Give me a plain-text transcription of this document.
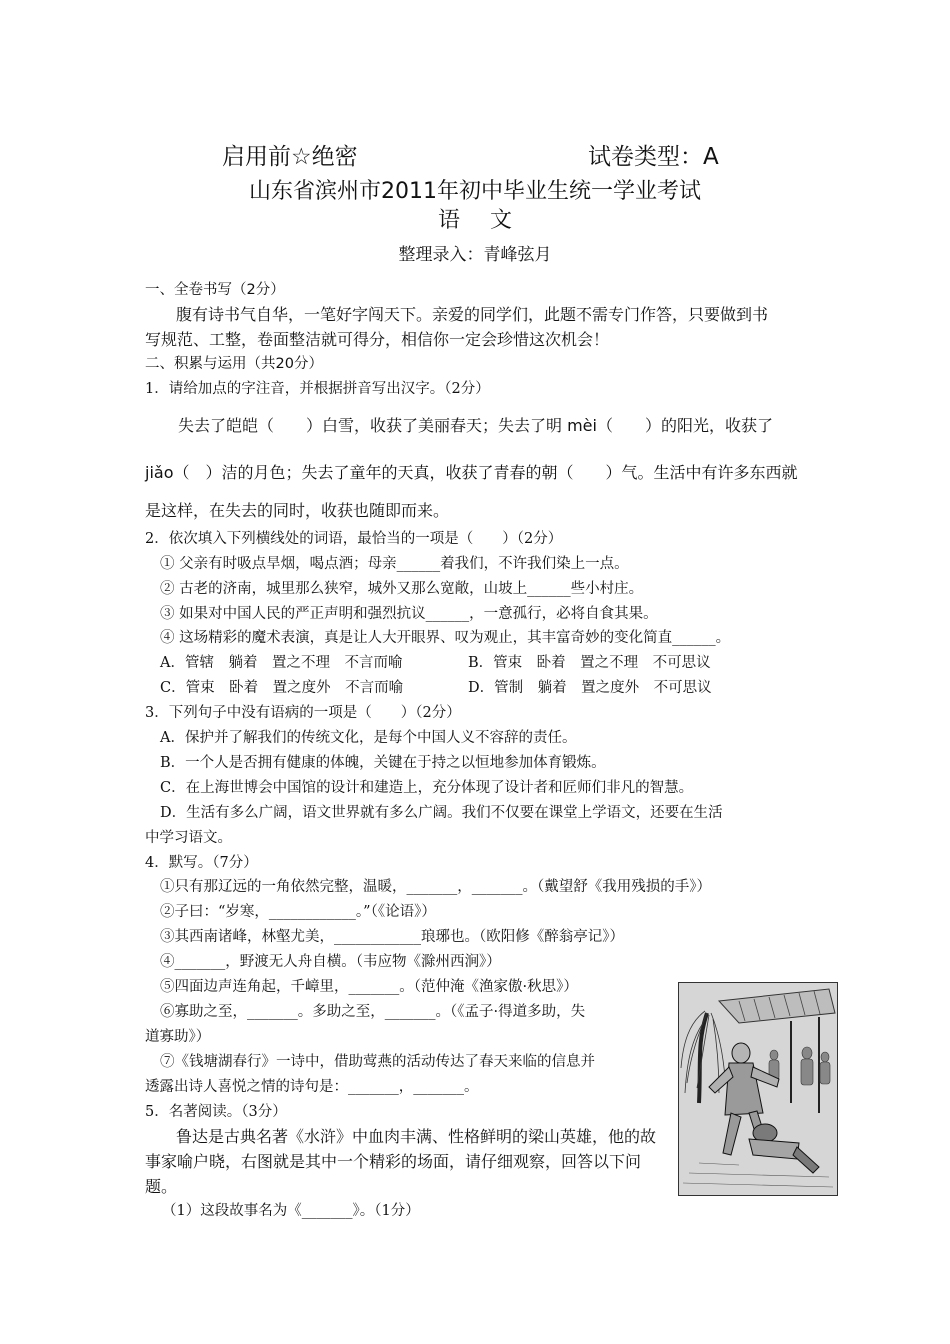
启用前☆绝密	试卷类型：A
山东省滨州市2011年初中毕业生统一学业考试
语文
整理录入：青峰弦月
一、全卷书写（2分）
腹有诗书气自华，一笔好字闯天下。亲爱的同学们，此题不需专门作答，只要做到书
写规范、工整，卷面整洁就可得分，相信你一定会珍惜这次机会！
二、积累与运用（共20分）
1．请给加点的字注音，并根据拼音写出汉字。（2分）
失去了皑皑（　　）白雪，收获了美丽春天；失去了明 mèi（　　）的阳光，收获了
jiǎo（　）洁的月色；失去了童年的天真，收获了青春的朝（　　）气。生活中有许多东西就
是这样，在失去的同时，收获也随即而来。
2．依次填入下列横线处的词语，最恰当的一项是（　　）（2分）
① 父亲有时吸点旱烟，喝点酒；母亲______着我们，不许我们染上一点。
② 古老的济南，城里那么狭窄，城外又那么宽敞，山坡上______些小村庄。
③ 如果对中国人民的严正声明和强烈抗议______，一意孤行，必将自食其果。
④ 这场精彩的魔术表演，真是让人大开眼界、叹为观止，其丰富奇妙的变化简直______。
A．管辖　躺着　置之不理　不言而喻	B．管束　卧着　置之不理　不可思议
C．管束　卧着　置之度外　不言而喻	D．管制　躺着　置之度外　不可思议
3．下列句子中没有语病的一项是（　　）（2分）
A．保护并了解我们的传统文化，是每个中国人义不容辞的责任。
B．一个人是否拥有健康的体魄，关键在于持之以恒地参加体育锻炼。
C．在上海世博会中国馆的设计和建造上，充分体现了设计者和匠师们非凡的智慧。
D．生活有多么广阔，语文世界就有多么广阔。我们不仅要在课堂上学语文，还要在生活
中学习语文。
4．默写。（7分）
①只有那辽远的一角依然完整，温暖，_______，_______。（戴望舒《我用残损的手》）
②子曰：“岁寒，____________。”（《论语》）
③其西南诸峰，林壑尤美，____________琅琊也。（欧阳修《醉翁亭记》）
④_______，野渡无人舟自横。（韦应物《滁州西涧》）
⑤四面边声连角起，千嶂里，_______。（范仲淹《渔家傲·秋思》）
⑥寡助之至，_______。多助之至，_______。（《孟子·得道多助，失
道寡助》）
⑦《钱塘湖春行》一诗中，借助莺燕的活动传达了春天来临的信息并
透露出诗人喜悦之情的诗句是：_______，_______。
5．名著阅读。（3分）
鲁达是古典名著《水浒》中血肉丰满、性格鲜明的梁山英雄，他的故
事家喻户晓，右图就是其中一个精彩的场面，请仔细观察，回答以下问
题。
（1）这段故事名为《_______》。（1分）
